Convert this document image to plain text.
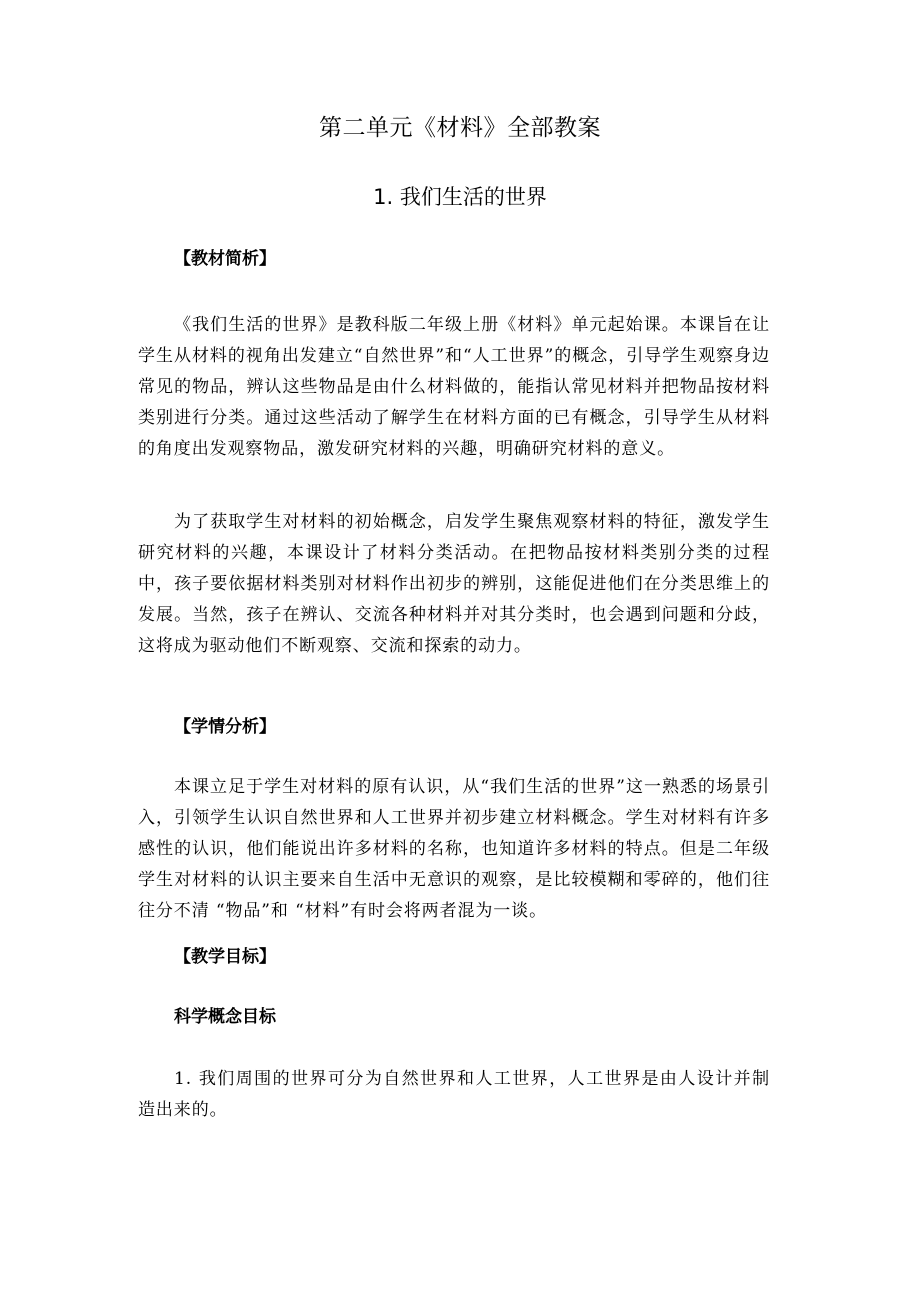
第二单元《材料》全部教案
1. 我们生活的世界
【教材简析】

《我们生活的世界》是教科版二年级上册《材料》单元起始课。本课旨在让学生从材料的视角出发建立“自然世界”和“人工世界”的概念，引导学生观察身边常见的物品，辨认这些物品是由什么材料做的，能指认常见材料并把物品按材料类别进行分类。通过这些活动了解学生在材料方面的已有概念，引导学生从材料的角度出发观察物品，激发研究材料的兴趣，明确研究材料的意义。

为了获取学生对材料的初始概念，启发学生聚焦观察材料的特征，激发学生研究材料的兴趣，本课设计了材料分类活动。在把物品按材料类别分类的过程中，孩子要依据材料类别对材料作出初步的辨别，这能促进他们在分类思维上的发展。当然，孩子在辨认、交流各种材料并对其分类时，也会遇到问题和分歧，这将成为驱动他们不断观察、交流和探索的动力。

【学情分析】

本课立足于学生对材料的原有认识，从“我们生活的世界”这一熟悉的场景引入，引领学生认识自然世界和人工世界并初步建立材料概念。学生对材料有许多感性的认识，他们能说出许多材料的名称，也知道许多材料的特点。但是二年级学生对材料的认识主要来自生活中无意识的观察，是比较模糊和零碎的，他们往往分不清 “物品”和 “材料”有时会将两者混为一谈。

【教学目标】
科学概念目标

1. 我们周围的世界可分为自然世界和人工世界，人工世界是由人设计并制造出来的。
